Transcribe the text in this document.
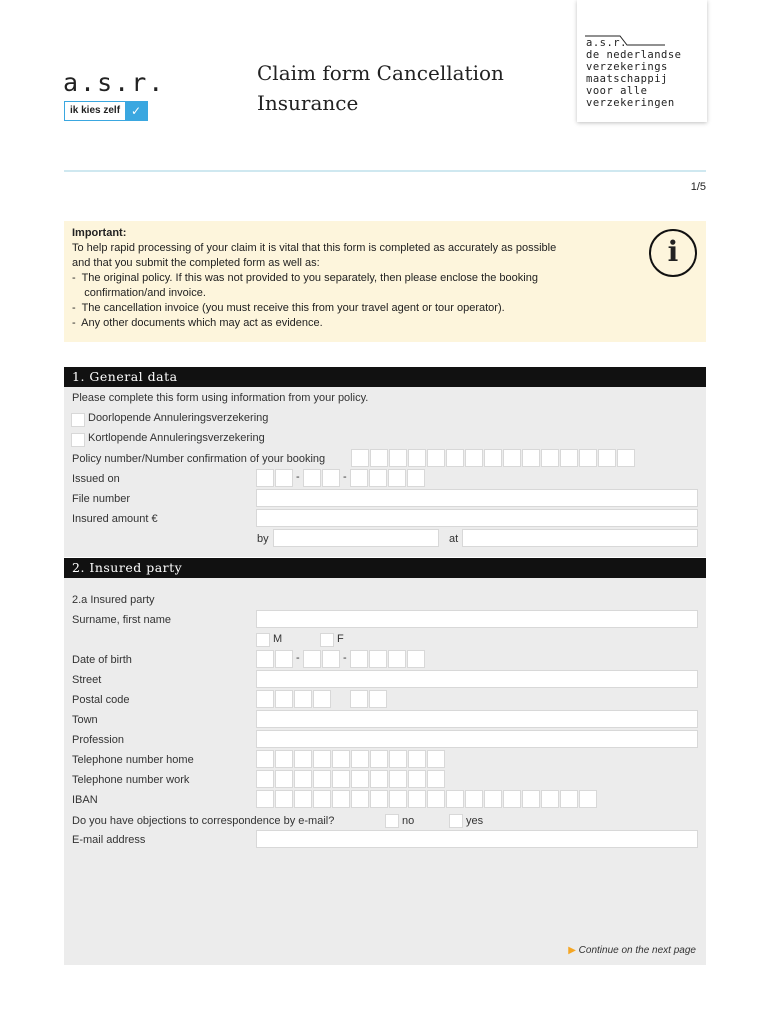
a.s.r.
ik kies zelf ✓
Claim form Cancellation
Insurance
a.s.r.
de nederlandse
verzekerings
maatschappij
voor alle
verzekeringen
1/5
Important:
To help rapid processing of your claim it is vital that this form is completed as accurately as possible
and that you submit the completed form as well as:
-  The original policy. If this was not provided to you separately, then please enclose the booking
confirmation/and invoice.
-  The cancellation invoice (you must receive this from your travel agent or tour operator).
-  Any other documents which may act as evidence.
i
1. General data
Please complete this form using information from your policy.
Doorlopende Annuleringsverzekering
Kortlopende Annuleringsverzekering
Policy number/Number confirmation of your booking
Issued on
File number
Insured amount €
by	at
2. Insured party
2.a Insured party
Surname, first name
M	F
Date of birth
Street
Postal code
Town
Profession
Telephone number home
Telephone number work
IBAN
Do you have objections to correspondence by e-mail?	no	yes
E-mail address
▶ Continue on the next page
-	-
-	-
